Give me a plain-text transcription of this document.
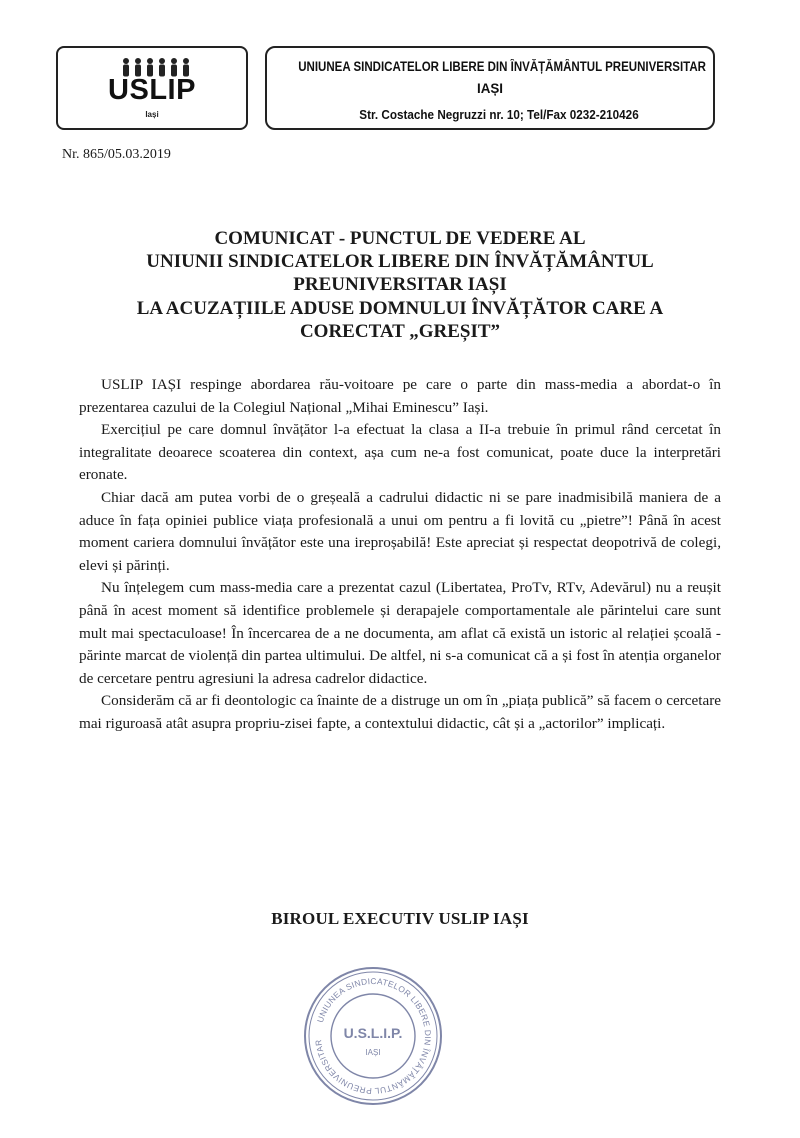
USLIP
Iași
UNIUNEA SINDICATELOR LIBERE DIN ÎNVĂȚĂMÂNTUL PREUNIVERSITAR
IAȘI
Str. Costache Negruzzi nr. 10; Tel/Fax 0232-210426
Nr. 865/05.03.2019
COMUNICAT - PUNCTUL DE VEDERE AL
UNIUNII SINDICATELOR LIBERE DIN ÎNVĂȚĂMÂNTUL
PREUNIVERSITAR IAȘI
LA ACUZAȚIILE ADUSE DOMNULUI ÎNVĂȚĂTOR CARE A
CORECTAT „GREȘIT”

USLIP IAȘI respinge abordarea rău-voitoare pe care o parte din mass-media a abordat-o în prezentarea cazului de la Colegiul Național „Mihai Eminescu” Iași.

Exercițiul pe care domnul învățător l-a efectuat la clasa a II-a trebuie în primul rând cercetat în integralitate deoarece scoaterea din context, așa cum ne-a fost comunicat, poate duce la interpretări eronate.

Chiar dacă am putea vorbi de o greșeală a cadrului didactic ni se pare inadmisibilă maniera de a aduce în fața opiniei publice viața profesională a unui om pentru a fi lovită cu „pietre”! Până în acest moment cariera domnului învățător este una ireproșabilă! Este apreciat și respectat deopotrivă de colegi, elevi și părinți.

Nu înțelegem cum mass-media care a prezentat cazul (Libertatea, ProTv, RTv, Adevărul) nu a reușit până în acest moment să identifice problemele și derapajele comportamentale ale părintelui care sunt mult mai spectaculoase! În încercarea de a ne documenta, am aflat că există un istoric al relației școală - părinte marcat de violență din partea ultimului. De altfel, ni s-a comunicat că a și fost în atenția organelor de cercetare pentru agresiuni la adresa cadrelor didactice.

Considerăm că ar fi deontologic ca înainte de a distruge un om în „piața publică” să facem o cercetare mai riguroasă atât asupra propriu-zisei fapte, a contextului didactic, cât și a „actorilor” implicați.

BIROUL EXECUTIV USLIP IAȘI
UNIUNEA SINDICATELOR LIBERE DIN ÎNVĂȚĂMÂNTUL PREUNIVERSITAR
U.S.L.I.P.
IAȘI
